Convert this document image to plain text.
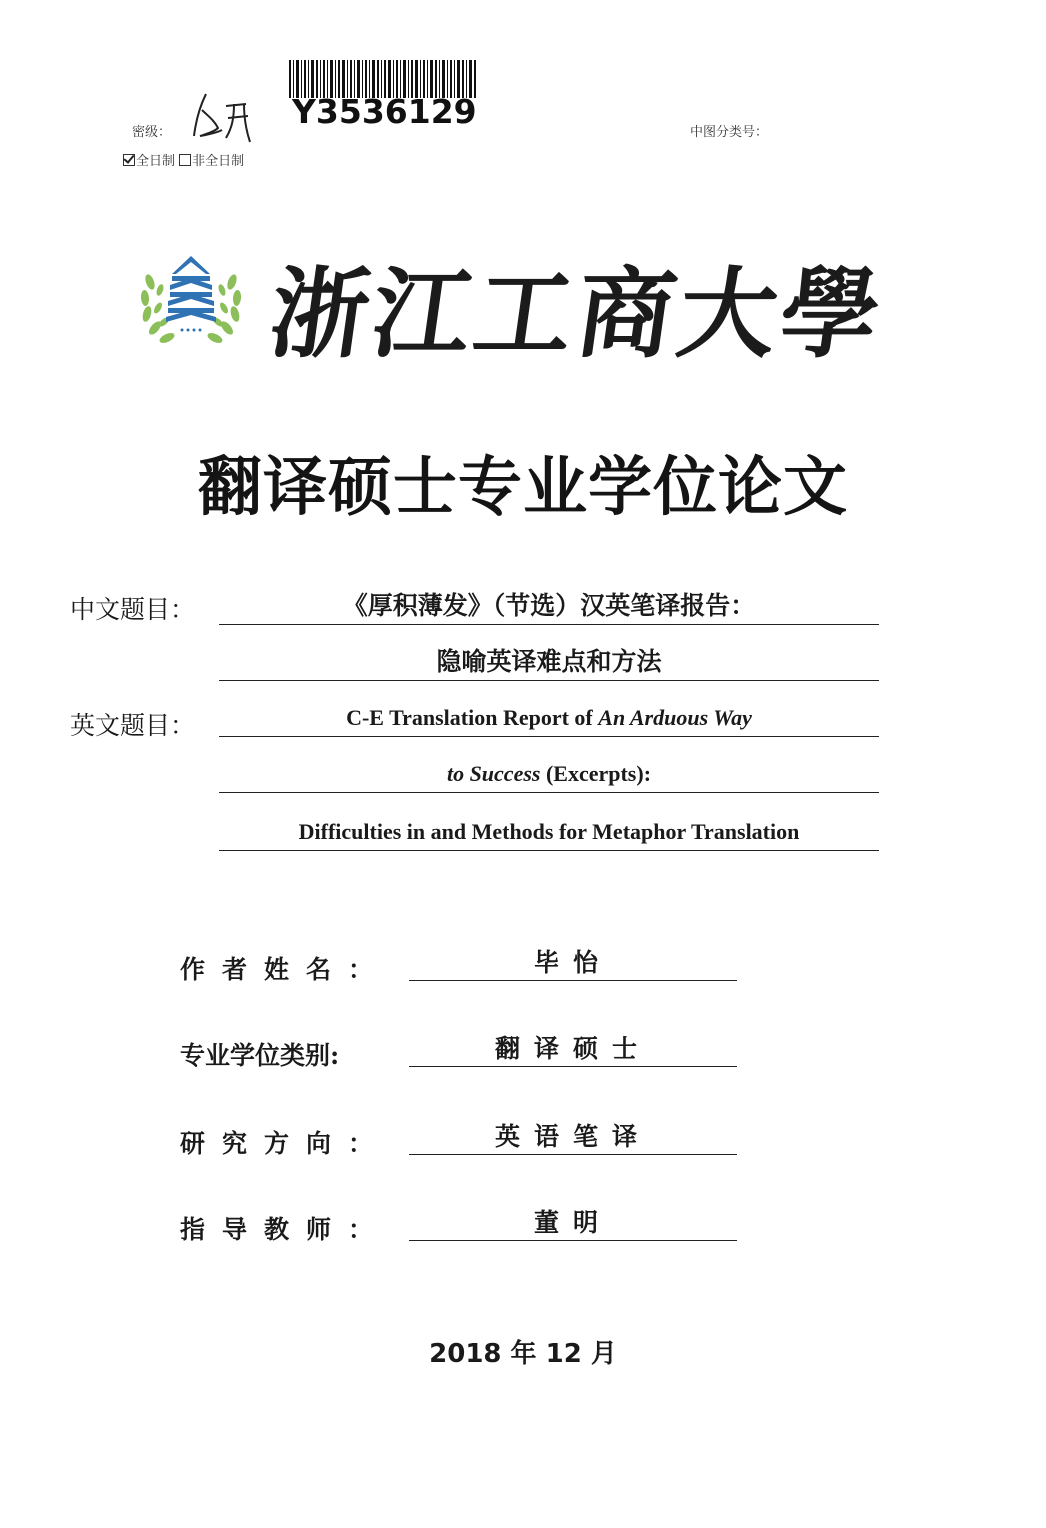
密级：
Y3536129
全日制 非全日制
中图分类号：
浙江工商大學
翻译硕士专业学位论文
中文题目：	《厚积薄发》（节选）汉英笔译报告：
隐喻英译难点和方法
英文题目：	C-E Translation Report of An Arduous Way
to Success (Excerpts):
Difficulties in and Methods for Metaphor Translation
作者姓名：	毕怡
专业学位类别:	翻译硕士
研究方向：	英语笔译
指导教师：	董明
2018 年 12 月
